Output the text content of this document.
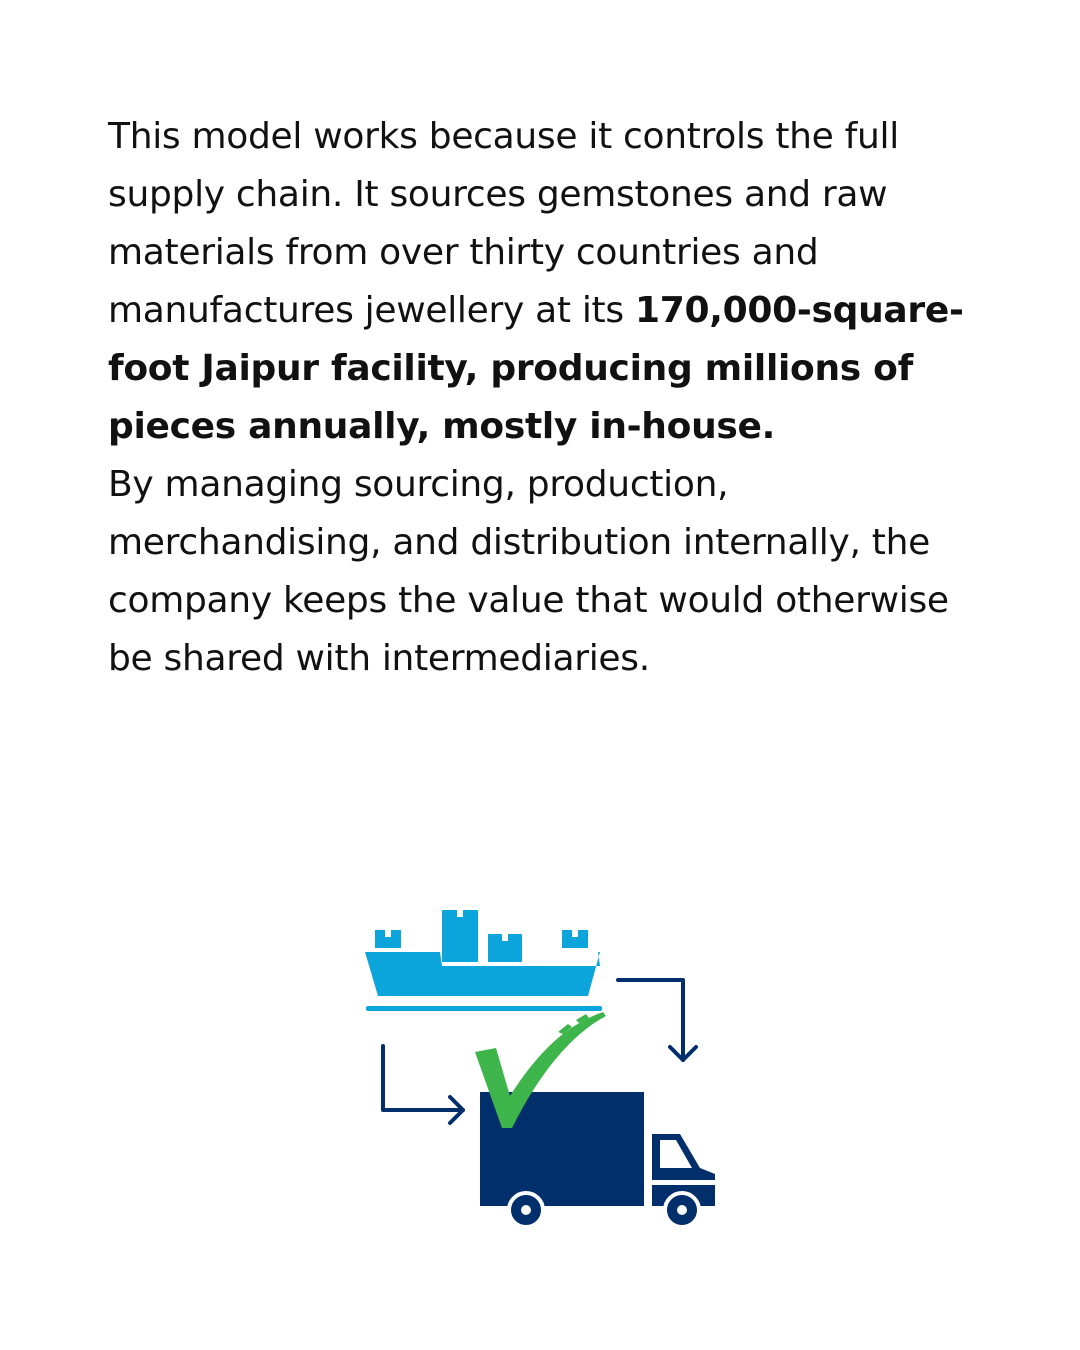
This model works because it controls the full supply chain. It sources gemstones and raw materials from over thirty countries and manufactures jewellery at its 170,000-square-foot Jaipur facility, producing millions of pieces annually, mostly in-house.

By managing sourcing, production, merchandising, and distribution internally, the company keeps the value that would otherwise be shared with intermediaries.
